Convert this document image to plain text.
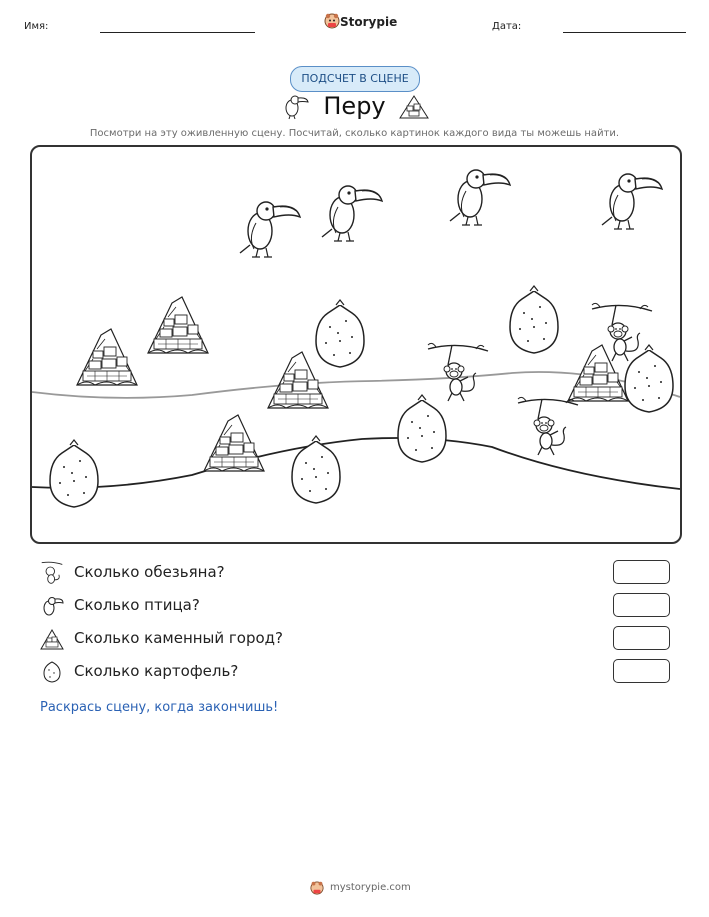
Имя:	Storypie	Дата:
ПОДСЧЕТ В СЦЕНЕ
Перу
Посмотри на эту оживленную сцену. Посчитай, сколько картинок каждого вида ты можешь найти.
Сколько обезьяна?
Сколько птица?
Сколько каменный город?
Сколько картофель?
Раскрась сцену, когда закончишь!
mystorypie.com
